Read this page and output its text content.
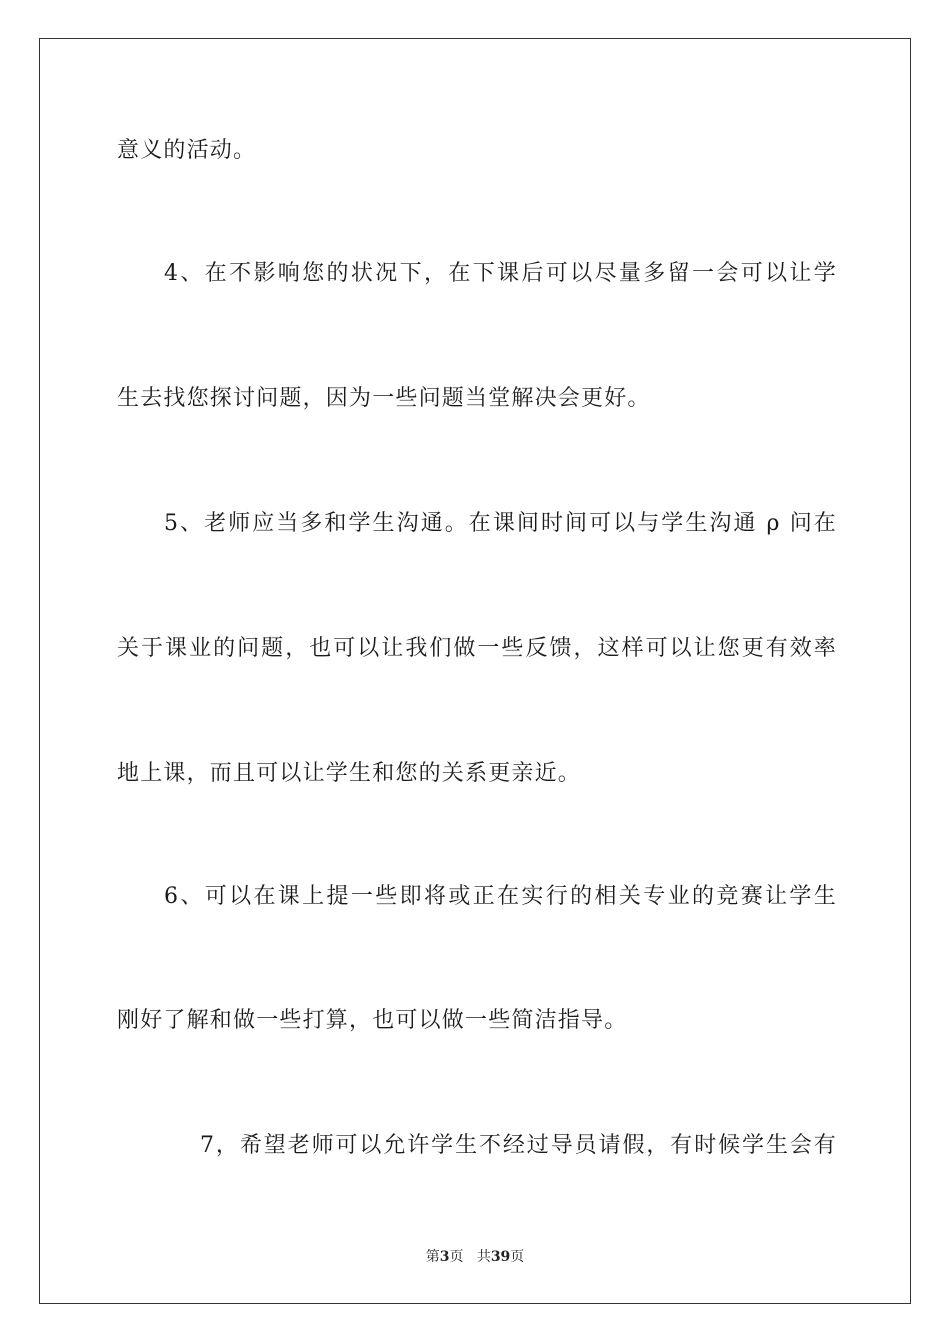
意义的活动。
4、在不影响您的状况下，在下课后可以尽量多留一会可以让学
生去找您探讨问题，因为一些问题当堂解决会更好。
5、老师应当多和学生沟通。在课间时间可以与学生沟通 ρ 问在
关于课业的问题，也可以让我们做一些反馈，这样可以让您更有效率
地上课，而且可以让学生和您的关系更亲近。
6、可以在课上提一些即将或正在实行的相关专业的竞赛让学生
刚好了解和做一些打算，也可以做一些简洁指导。
7，希望老师可以允许学生不经过导员请假，有时候学生会有
第3页 共39页
